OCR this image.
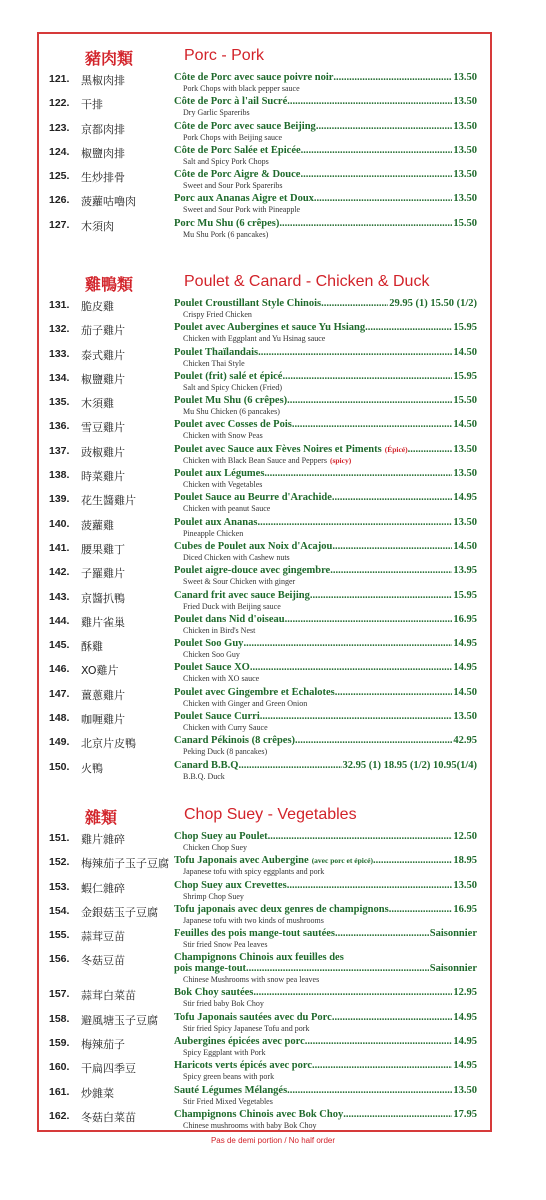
豬肉類	Porc - Pork
121.	黑椒肉排	Côte de Porc avec sauce poivre noir .....	13.50
Pork Chops with black pepper sauce
122.	干排	Côte de Porc à l'ail Sucré .....	13.50
Dry Garlic Spareribs
123.	京都肉排	Côte de Porc avec sauce Beijing .....	13.50
Pork Chops with Beijing sauce
124.	椒鹽肉排	Côte de Porc Salée et Épicée .....	13.50
Salt and Spicy Pork Chops
125.	生炒排骨	Côte de Porc Aigre & Douce .....	13.50
Sweet and Sour Pork Spareribs
126.	菠蘿咕嚕肉	Porc aux Ananas Aigre et Doux .....	13.50
Sweet and Sour Pork with Pineapple
127.	木須肉	Porc Mu Shu (6 crêpes) .....	15.50
Mu Shu Pork (6 pancakes)
雞鴨類	Poulet & Canard - Chicken & Duck
131.	脆皮雞	Poulet Croustillant Style Chinois .....	29.95 (1) 15.50 (1/2)
Crispy Fried Chicken
132.	茄子雞片	Poulet avec Aubergines et sauce Yu Hsiang .....	15.95
Chicken with Eggplant and Yu Hsinag sauce
133.	泰式雞片	Poulet Thaïlandais .....	14.50
Chicken Thai Style
134.	椒鹽雞片	Poulet (frit) salé et épicé .....	15.95
Salt and Spicy Chicken (Fried)
135.	木須雞	Poulet Mu Shu (6 crêpes) .....	15.50
Mu Shu Chicken (6 pancakes)
136.	雪豆雞片	Poulet avec Cosses de Pois .....	14.50
Chicken with Snow Peas
137.	豉椒雞片	Poulet avec Sauce aux Fèves Noires et Piments (Épicé) .....	13.50
Chicken with Black Bean Sauce and Peppers (spicy)
138.	時菜雞片	Poulet aux Légumes .....	13.50
Chicken with Vegetables
139.	花生醬雞片	Poulet Sauce au Beurre d'Arachide .....	14.95
Chicken with peanut Sauce
140.	菠蘿雞	Poulet aux Ananas .....	13.50
Pineapple Chicken
141.	腰果雞丁	Cubes de Poulet aux Noix d'Acajou .....	14.50
Diced Chicken with Cashew nuts
142.	子羅雞片	Poulet aigre-douce avec gingembre .....	13.95
Sweet & Sour Chicken with ginger
143.	京醬扒鴨	Canard frit avec sauce Beijing .....	15.95
Fried Duck with Beijing sauce
144.	雞片雀巢	Poulet dans Nid d'oiseau .....	16.95
Chicken in Bird's Nest
145.	酥雞	Poulet Soo Guy .....	14.95
Chicken Soo Guy
146.	XO雞片	Poulet Sauce XO .....	14.95
Chicken with XO sauce
147.	薑蔥雞片	Poulet avec Gingembre et Échalotes .....	14.50
Chicken with Ginger and Green Onion
148.	咖喱雞片	Poulet Sauce Curri .....	13.50
Chicken with Curry Sauce
149.	北京片皮鴨	Canard Pékinois (8 crêpes) .....	42.95
Peking Duck (8 pancakes)
150.	火鴨	Canard B.B.Q. .....	32.95 (1) 18.95 (1/2) 10.95(1/4)
B.B.Q. Duck
雜類	Chop Suey - Vegetables
151.	雞片雜碎	Chop Suey au Poulet .....	12.50
Chicken Chop Suey
152.	梅辣茄子玉子豆腐 Tofu Japonais avec Aubergine (avec porc et épicé) .....	18.95
Japanese tofu with spicy eggplants and pork
153.	蝦仁雜碎	Chop Suey aux Crevettes .....	13.50
Shrimp Chop Suey
154.	金銀菇玉子豆腐 Tofu japonais avec deux genres de champignons .....	16.95
Japanese tofu with two kinds of mushrooms
155.	蒜茸豆苗	Feuilles des pois mange-tout sautées .....	Saisonnier
Stir fried Snow Pea leaves
156.	冬菇豆苗	Champignons Chinois aux feuilles des
pois mange-tout .....	Saisonnier
Chinese Mushrooms with snow pea leaves
157.	蒜茸白菜苗	Bok Choy sautées .....	12.95
Stir fried baby Bok Choy
158.	避風塘玉子豆腐 Tofu Japonais sautées avec du Porc .....	14.95
Stir fried Spicy Japanese Tofu and pork
159.	梅辣茄子	Aubergines épicées avec porc .....	14.95
Spicy Eggplant with Pork
160.	干扁四季豆	Haricots verts épicés avec porc .....	14.95
Spicy green beans with pork
161.	炒雜菜	Sauté Légumes Mélangés .....	13.50
Stir Fried Mixed Vegetables
162.	冬菇白菜苗	Champignons Chinois avec Bok Choy .....	17.95
Chinese mushrooms with baby Bok Choy
Pas de demi portion / No half order
